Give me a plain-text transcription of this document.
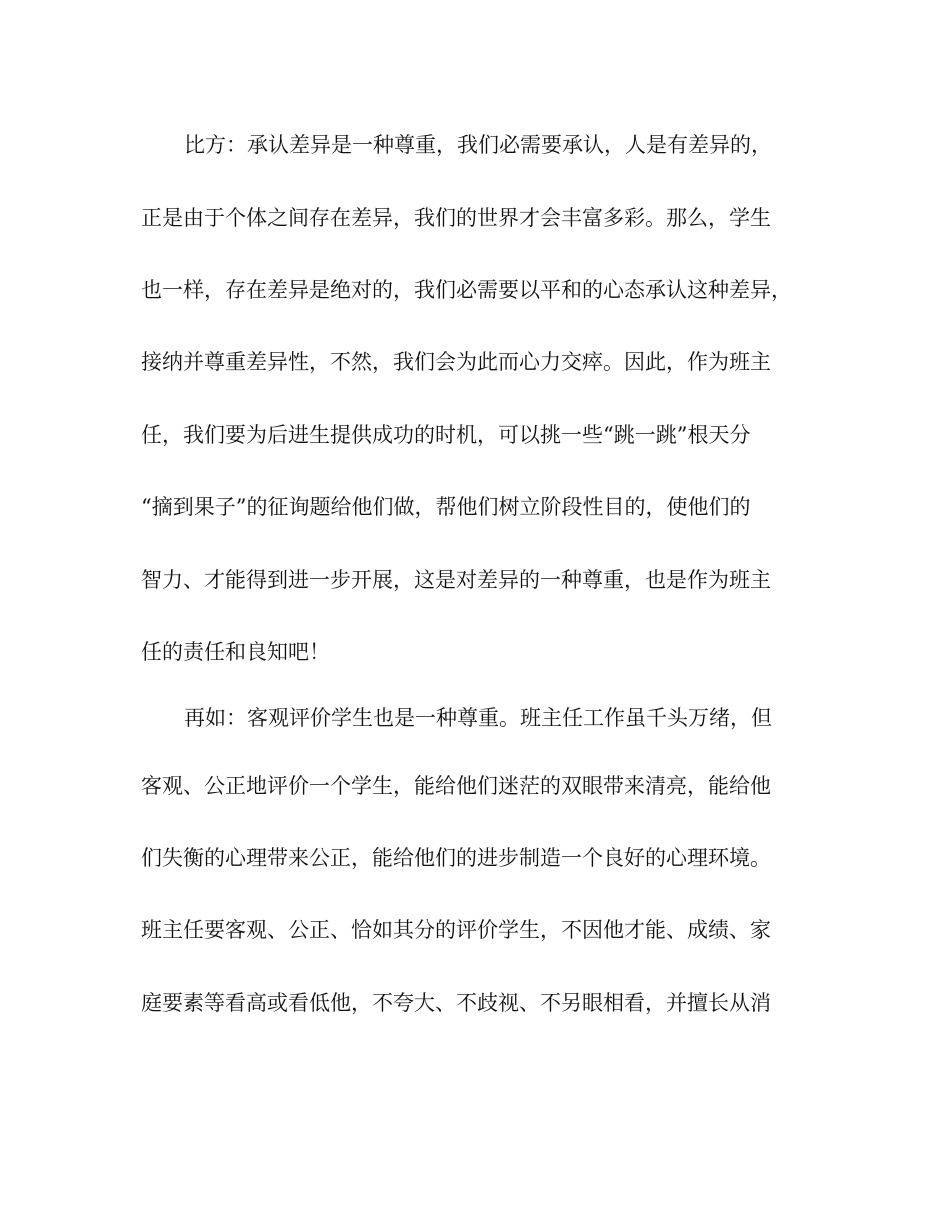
比方：承认差异是一种尊重，我们必需要承认，人是有差异的，
正是由于个体之间存在差异，我们的世界才会丰富多彩。那么，学生
也一样，存在差异是绝对的，我们必需要以平和的心态承认这种差异，
接纳并尊重差异性，不然，我们会为此而心力交瘁。因此，作为班主
任，我们要为后进生提供成功的时机，可以挑一些“跳一跳”根天分
“摘到果子”的征询题给他们做，帮他们树立阶段性目的，使他们的
智力、才能得到进一步开展，这是对差异的一种尊重，也是作为班主
任的责任和良知吧！
再如：客观评价学生也是一种尊重。班主任工作虽千头万绪，但
客观、公正地评价一个学生，能给他们迷茫的双眼带来清亮，能给他
们失衡的心理带来公正，能给他们的进步制造一个良好的心理环境。
班主任要客观、公正、恰如其分的评价学生，不因他才能、成绩、家
庭要素等看高或看低他，不夸大、不歧视、不另眼相看，并擅长从消
